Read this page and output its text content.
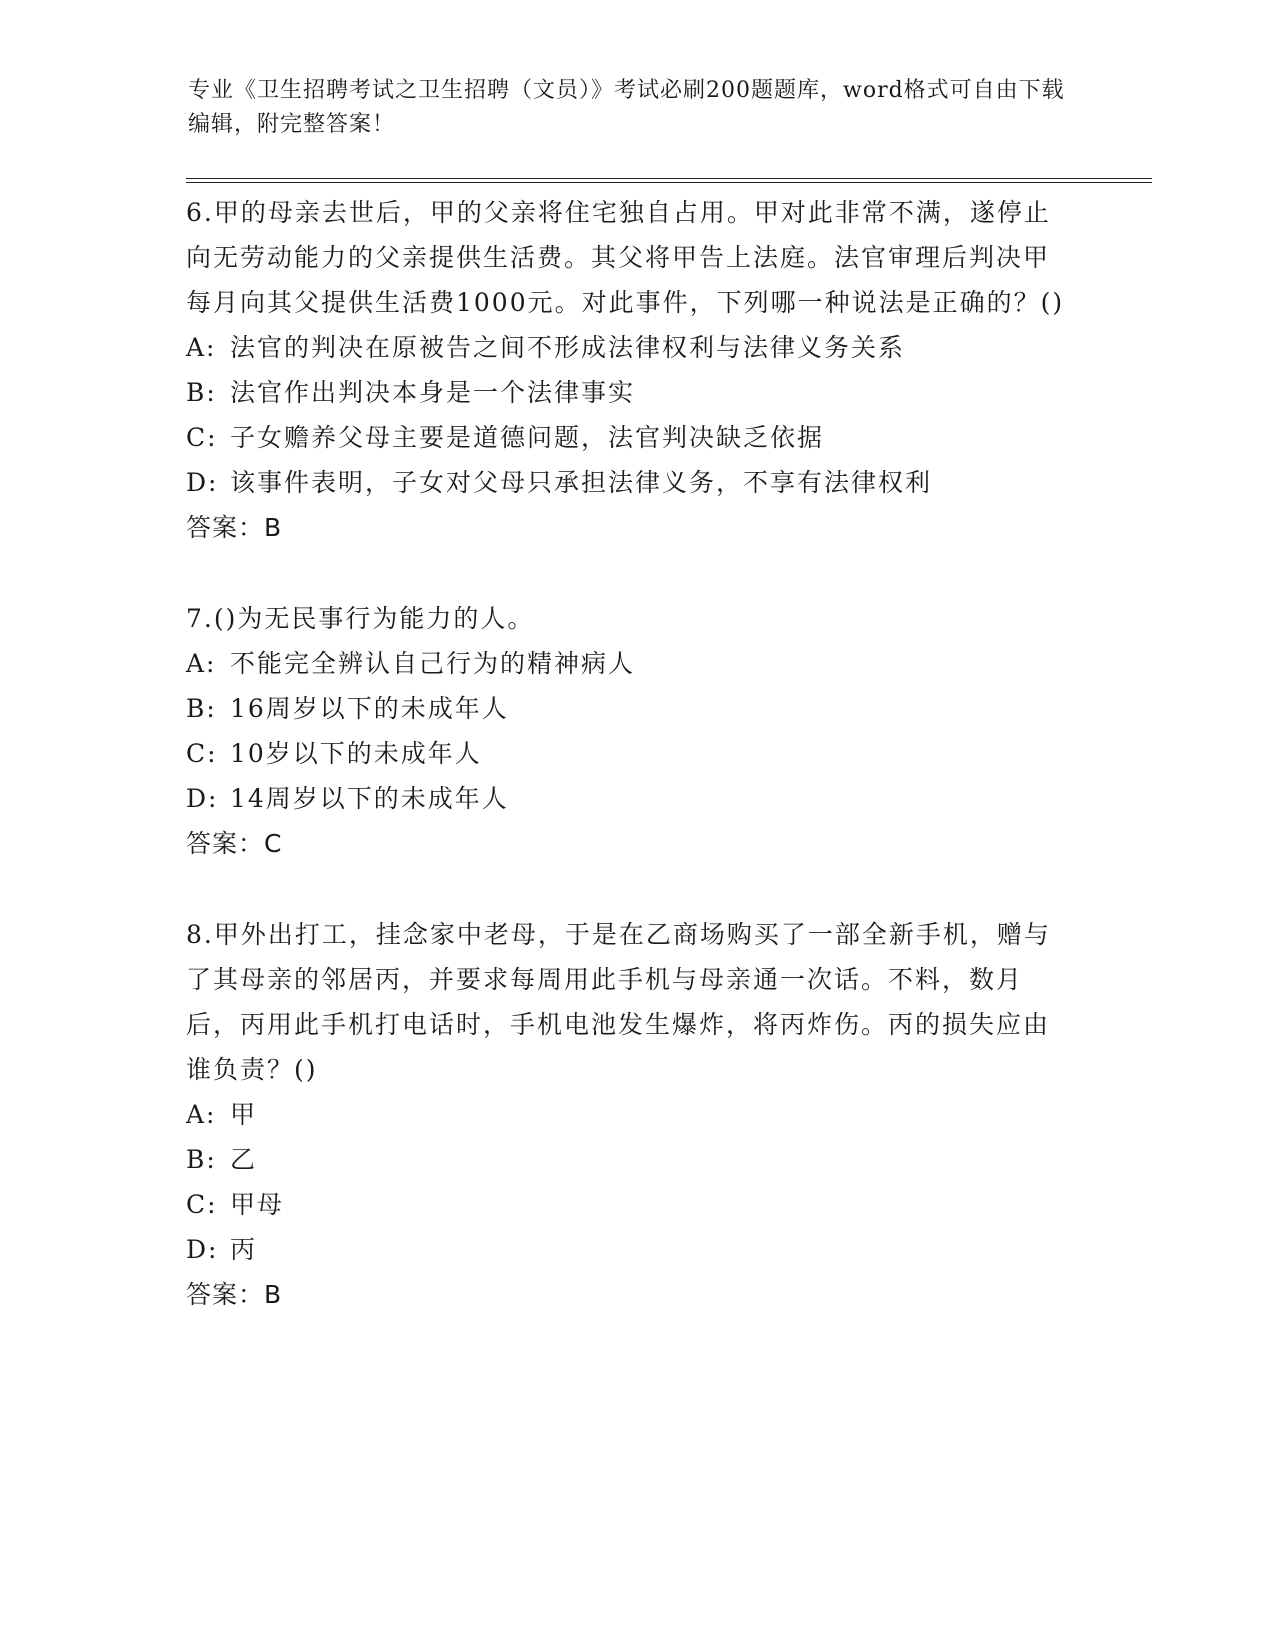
专业《卫生招聘考试之卫生招聘（文员）》考试必刷200题题库，word格式可自由下载编辑，附完整答案！
6.甲的母亲去世后，甲的父亲将住宅独自占用。甲对此非常不满，遂停止向无劳动能力的父亲提供生活费。其父将甲告上法庭。法官审理后判决甲每月向其父提供生活费1000元。对此事件，下列哪一种说法是正确的？()
A: 法官的判决在原被告之间不形成法律权利与法律义务关系
B: 法官作出判决本身是一个法律事实
C: 子女赡养父母主要是道德问题，法官判决缺乏依据
D: 该事件表明，子女对父母只承担法律义务，不享有法律权利
答案：B
7.()为无民事行为能力的人。
A: 不能完全辨认自己行为的精神病人
B: 16周岁以下的未成年人
C: 10岁以下的未成年人
D: 14周岁以下的未成年人
答案：C
8.甲外出打工，挂念家中老母，于是在乙商场购买了一部全新手机，赠与了其母亲的邻居丙，并要求每周用此手机与母亲通一次话。不料，数月后，丙用此手机打电话时，手机电池发生爆炸，将丙炸伤。丙的损失应由谁负责？()
A: 甲
B: 乙
C: 甲母
D: 丙
答案：B
